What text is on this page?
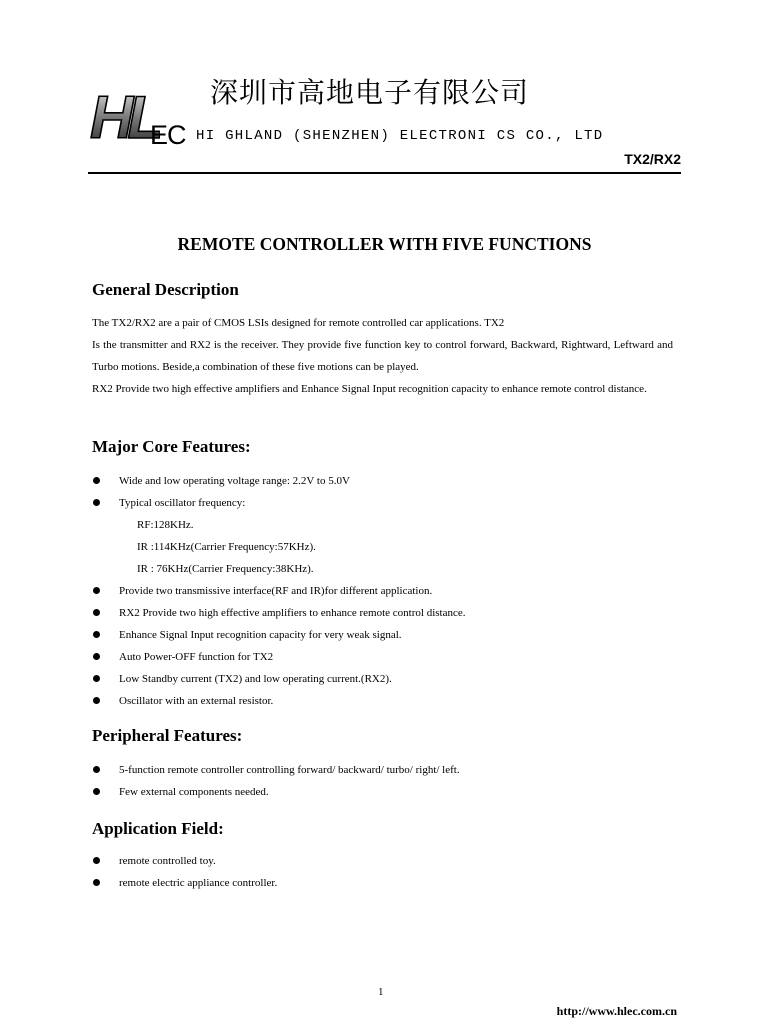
HL
EC
深圳市高地电子有限公司
HI GHLAND (SHENZHEN) ELECTRONI CS CO., LTD
TX2/RX2
REMOTE CONTROLLER WITH FIVE FUNCTIONS
General Description

The TX2/RX2 are a pair of CMOS LSIs designed for remote controlled car applications. TX2

Is the transmitter and RX2 is the receiver. They provide five function key to control forward, Backward, Rightward, Leftward and Turbo motions. Beside,a combination of these five motions can be played.

RX2 Provide two high effective amplifiers and Enhance Signal Input recognition capacity to enhance remote control distance.

Major Core Features:
Wide and low operating voltage range: 2.2V to 5.0V
Typical oscillator frequency:
RF:128KHz.
IR :114KHz(Carrier Frequency:57KHz).
IR : 76KHz(Carrier Frequency:38KHz).
Provide two transmissive interface(RF and IR)for different application.
RX2 Provide two high effective amplifiers to enhance remote control distance.
Enhance Signal Input recognition capacity for very weak signal.
Auto Power-OFF function for TX2
Low Standby current (TX2) and low operating current.(RX2).
Oscillator with an external resistor.
Peripheral Features:
5-function remote controller controlling forward/ backward/ turbo/ right/ left.
Few external components needed.
Application Field:
remote controlled toy.
remote electric appliance controller.
1
http://www.hlec.com.cn
